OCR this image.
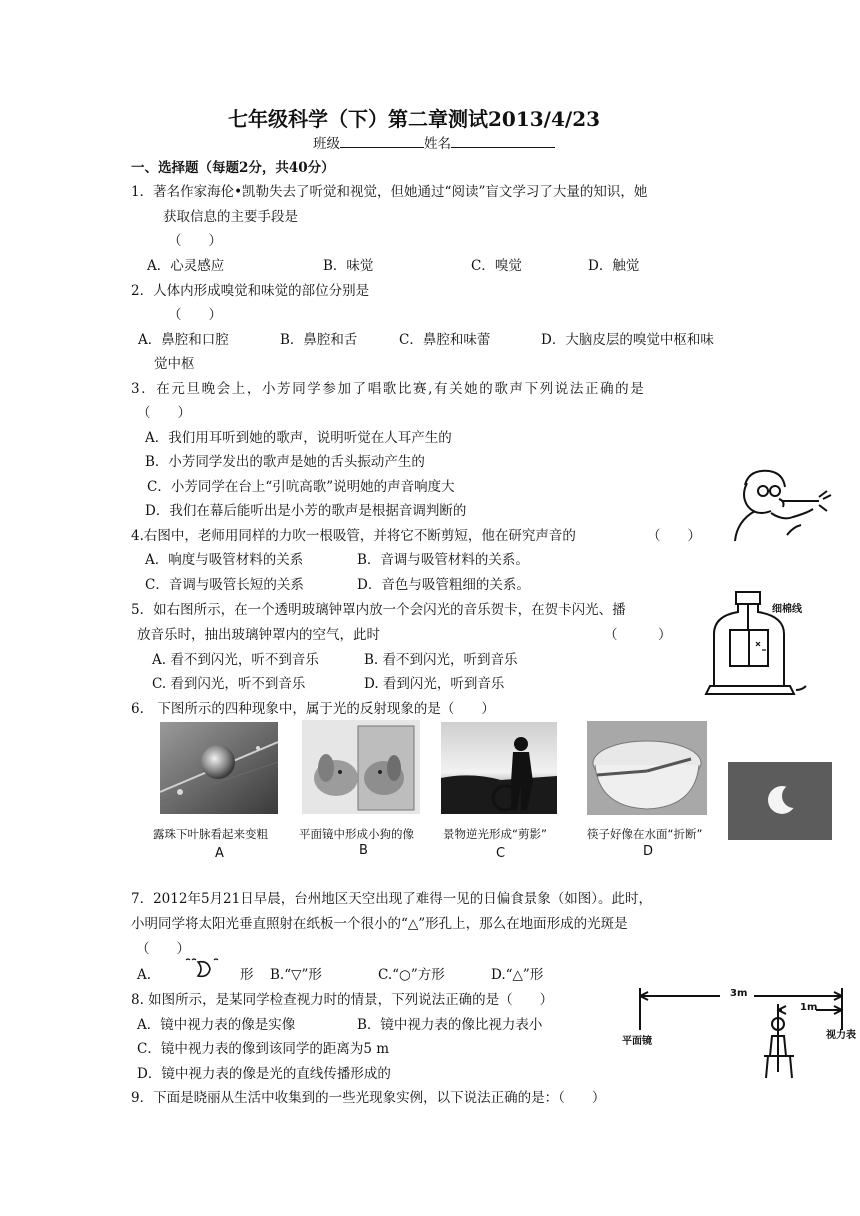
七年级科学（下）第二章测试2013/4/23
班级	姓名
一、选择题（每题2分，共40分）
1．著名作家海伦•凯勒失去了听觉和视觉，但她通过“阅读”盲文学习了大量的知识，她
获取信息的主要手段是
（　　）
A．心灵感应	B．味觉	C．嗅觉	D．触觉
2．人体内形成嗅觉和味觉的部位分别是
（　　）
A．鼻腔和口腔	B．鼻腔和舌	C．鼻腔和味蕾	D．大脑皮层的嗅觉中枢和味
觉中枢
3．在元旦晚会上，小芳同学参加了唱歌比赛,有关她的歌声下列说法正确的是
（　　）
A．我们用耳听到她的歌声，说明听觉在人耳产生的
B．小芳同学发出的歌声是她的舌头振动产生的
C．小芳同学在台上“引吭高歌”说明她的声音响度大
D．我们在幕后能听出是小芳的歌声是根据音调判断的
4.右图中，老师用同样的力吹一根吸管，并将它不断剪短，他在研究声音的	（　　）
A．响度与吸管材料的关系	B．音调与吸管材料的关系。
C．音调与吸管长短的关系	D．音色与吸管粗细的关系。
细棉线
5．如右图所示，在一个透明玻璃钟罩内放一个会闪光的音乐贺卡，在贺卡闪光、播
放音乐时，抽出玻璃钟罩内的空气，此时	（　　　）
A. 看不到闪光，听不到音乐	B. 看不到闪光，听到音乐
C. 看到闪光，听不到音乐	D. 看到闪光，听到音乐
6.　下图所示的四种现象中，属于光的反射现象的是（　　）
露珠下叶脉看起来变粗	平面镜中形成小狗的像	景物逆光形成“剪影”	筷子好像在水面“折断”
A	B	C	D
7．2012年5月21日早晨，台州地区天空出现了难得一见的日偏食景象（如图）。此时，
小明同学将太阳光垂直照射在纸板一个很小的“△”形孔上，那么在地面形成的光斑是
（　　）
A.	形 B.“▽”形	C.“○”方形	D.“△”形
8. 如图所示，是某同学检查视力时的情景，下列说法正确的是（　　）
A．镜中视力表的像是实像	B．镜中视力表的像比视力表小
C．镜中视力表的像到该同学的距离为5 m
D．镜中视力表的像是光的直线传播形成的
3m
1m
平面镜
视力表
9．下面是晓丽从生活中收集到的一些光现象实例，以下说法正确的是：（　　）
